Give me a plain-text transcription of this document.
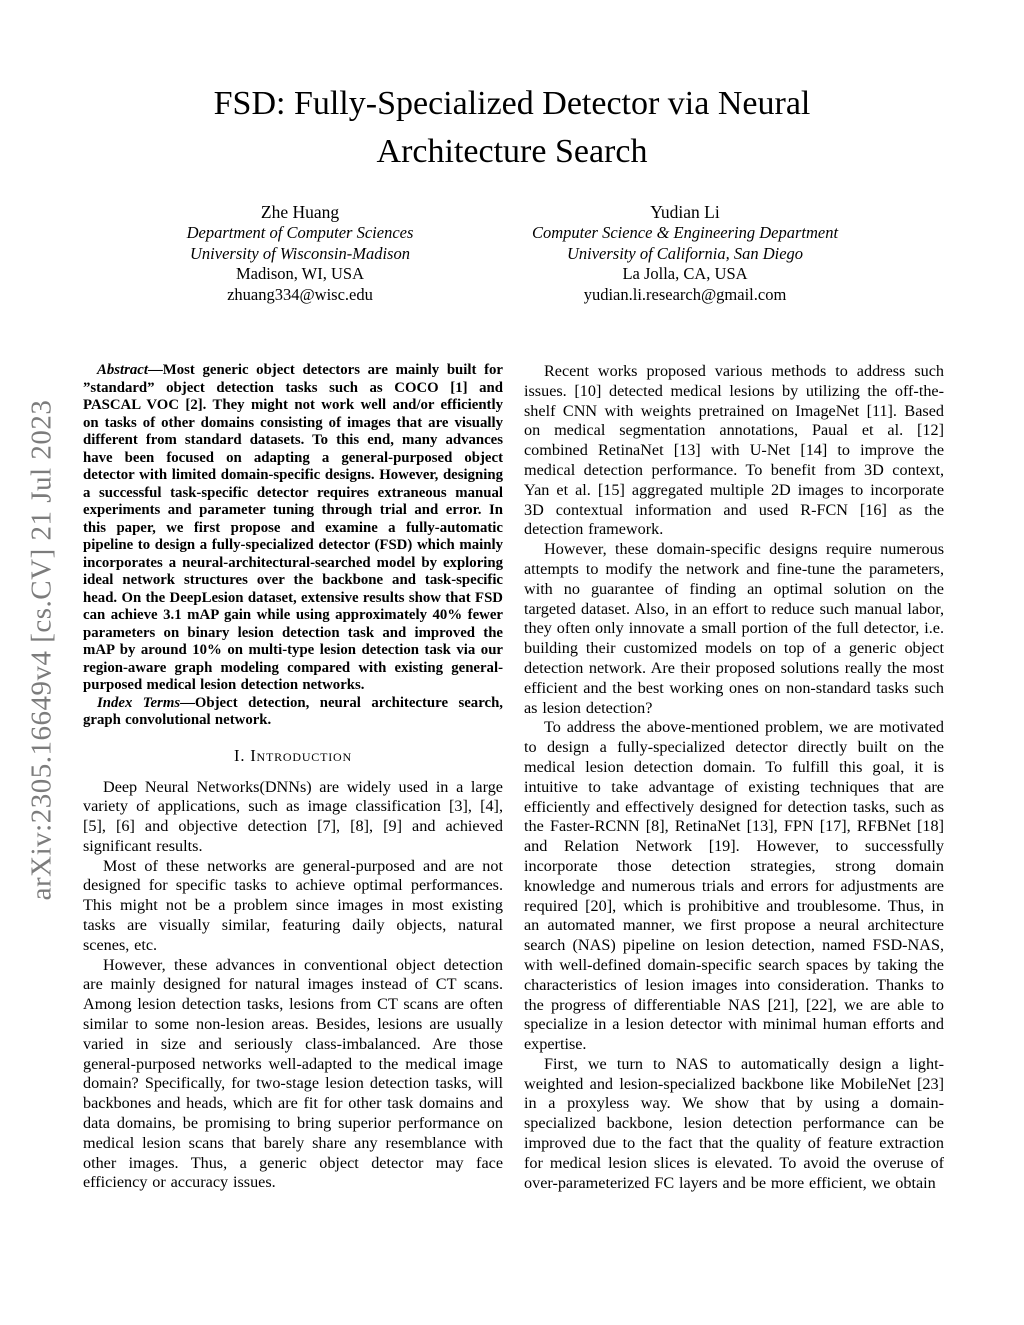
arXiv:2305.16649v4 [cs.CV] 21 Jul 2023
FSD: Fully-Specialized Detector via Neural
Architecture Search
Zhe Huang
Department of Computer Sciences
University of Wisconsin-Madison
Madison, WI, USA
zhuang334@wisc.edu
Yudian Li
Computer Science & Engineering Department
University of California, San Diego
La Jolla, CA, USA
yudian.li.research@gmail.com

Abstract—Most generic object detectors are mainly built for ”standard” object detection tasks such as COCO [1] and PASCAL VOC [2]. They might not work well and/or efficiently on tasks of other domains consisting of images that are visually different from standard datasets. To this end, many advances have been focused on adapting a general-purposed object detector with limited domain-specific designs. However, designing a successful task-specific detector requires extraneous manual experiments and parameter tuning through trial and error. In this paper, we first propose and examine a fully-automatic pipeline to design a fully-specialized detector (FSD) which mainly incorporates a neural-architectural-searched model by exploring ideal network structures over the backbone and task-specific head. On the DeepLesion dataset, extensive results show that FSD can achieve 3.1 mAP gain while using approximately 40% fewer parameters on binary lesion detection task and improved the mAP by around 10% on multi-type lesion detection task via our region-aware graph modeling compared with existing general-purposed medical lesion detection networks.

Index Terms—Object detection, neural architecture search, graph convolutional network.

I. Introduction

Deep Neural Networks(DNNs) are widely used in a large variety of applications, such as image classification [3], [4], [5], [6] and objective detection [7], [8], [9] and achieved significant results.

Most of these networks are general-purposed and are not designed for specific tasks to achieve optimal performances. This might not be a problem since images in most existing tasks are visually similar, featuring daily objects, natural scenes, etc.

However, these advances in conventional object detection are mainly designed for natural images instead of CT scans. Among lesion detection tasks, lesions from CT scans are often similar to some non-lesion areas. Besides, lesions are usually varied in size and seriously class-imbalanced. Are those general-purposed networks well-adapted to the medical image domain? Specifically, for two-stage lesion detection tasks, will backbones and heads, which are fit for other task domains and data domains, be promising to bring superior performance on medical lesion scans that barely share any resemblance with other images. Thus, a generic object detector may face efficiency or accuracy issues.

Recent works proposed various methods to address such issues. [10] detected medical lesions by utilizing the off-the-shelf CNN with weights pretrained on ImageNet [11]. Based on medical segmentation annotations, Paual et al. [12] combined RetinaNet [13] with U-Net [14] to improve the medical detection performance. To benefit from 3D context, Yan et al. [15] aggregated multiple 2D images to incorporate 3D contextual information and used R-FCN [16] as the detection framework.

However, these domain-specific designs require numerous attempts to modify the network and fine-tune the parameters, with no guarantee of finding an optimal solution on the targeted dataset. Also, in an effort to reduce such manual labor, they often only innovate a small portion of the full detector, i.e. building their customized models on top of a generic object detection network. Are their proposed solutions really the most efficient and the best working ones on non-standard tasks such as lesion detection?

To address the above-mentioned problem, we are motivated to design a fully-specialized detector directly built on the medical lesion detection domain. To fulfill this goal, it is intuitive to take advantage of existing techniques that are efficiently and effectively designed for detection tasks, such as the Faster-RCNN [8], RetinaNet [13], FPN [17], RFBNet [18] and Relation Network [19]. However, to successfully incorporate those detection strategies, strong domain knowledge and numerous trials and errors for adjustments are required [20], which is prohibitive and troublesome. Thus, in an automated manner, we first propose a neural architecture search (NAS) pipeline on lesion detection, named FSD-NAS, with well-defined domain-specific search spaces by taking the characteristics of lesion images into consideration. Thanks to the progress of differentiable NAS [21], [22], we are able to specialize in a lesion detector with minimal human efforts and expertise.

First, we turn to NAS to automatically design a light-weighted and lesion-specialized backbone like MobileNet [23] in a proxyless way. We show that by using a domain-specialized backbone, lesion detection performance can be improved due to the fact that the quality of feature extraction for medical lesion slices is elevated. To avoid the overuse of over-parameterized FC layers and be more efficient, we obtain
